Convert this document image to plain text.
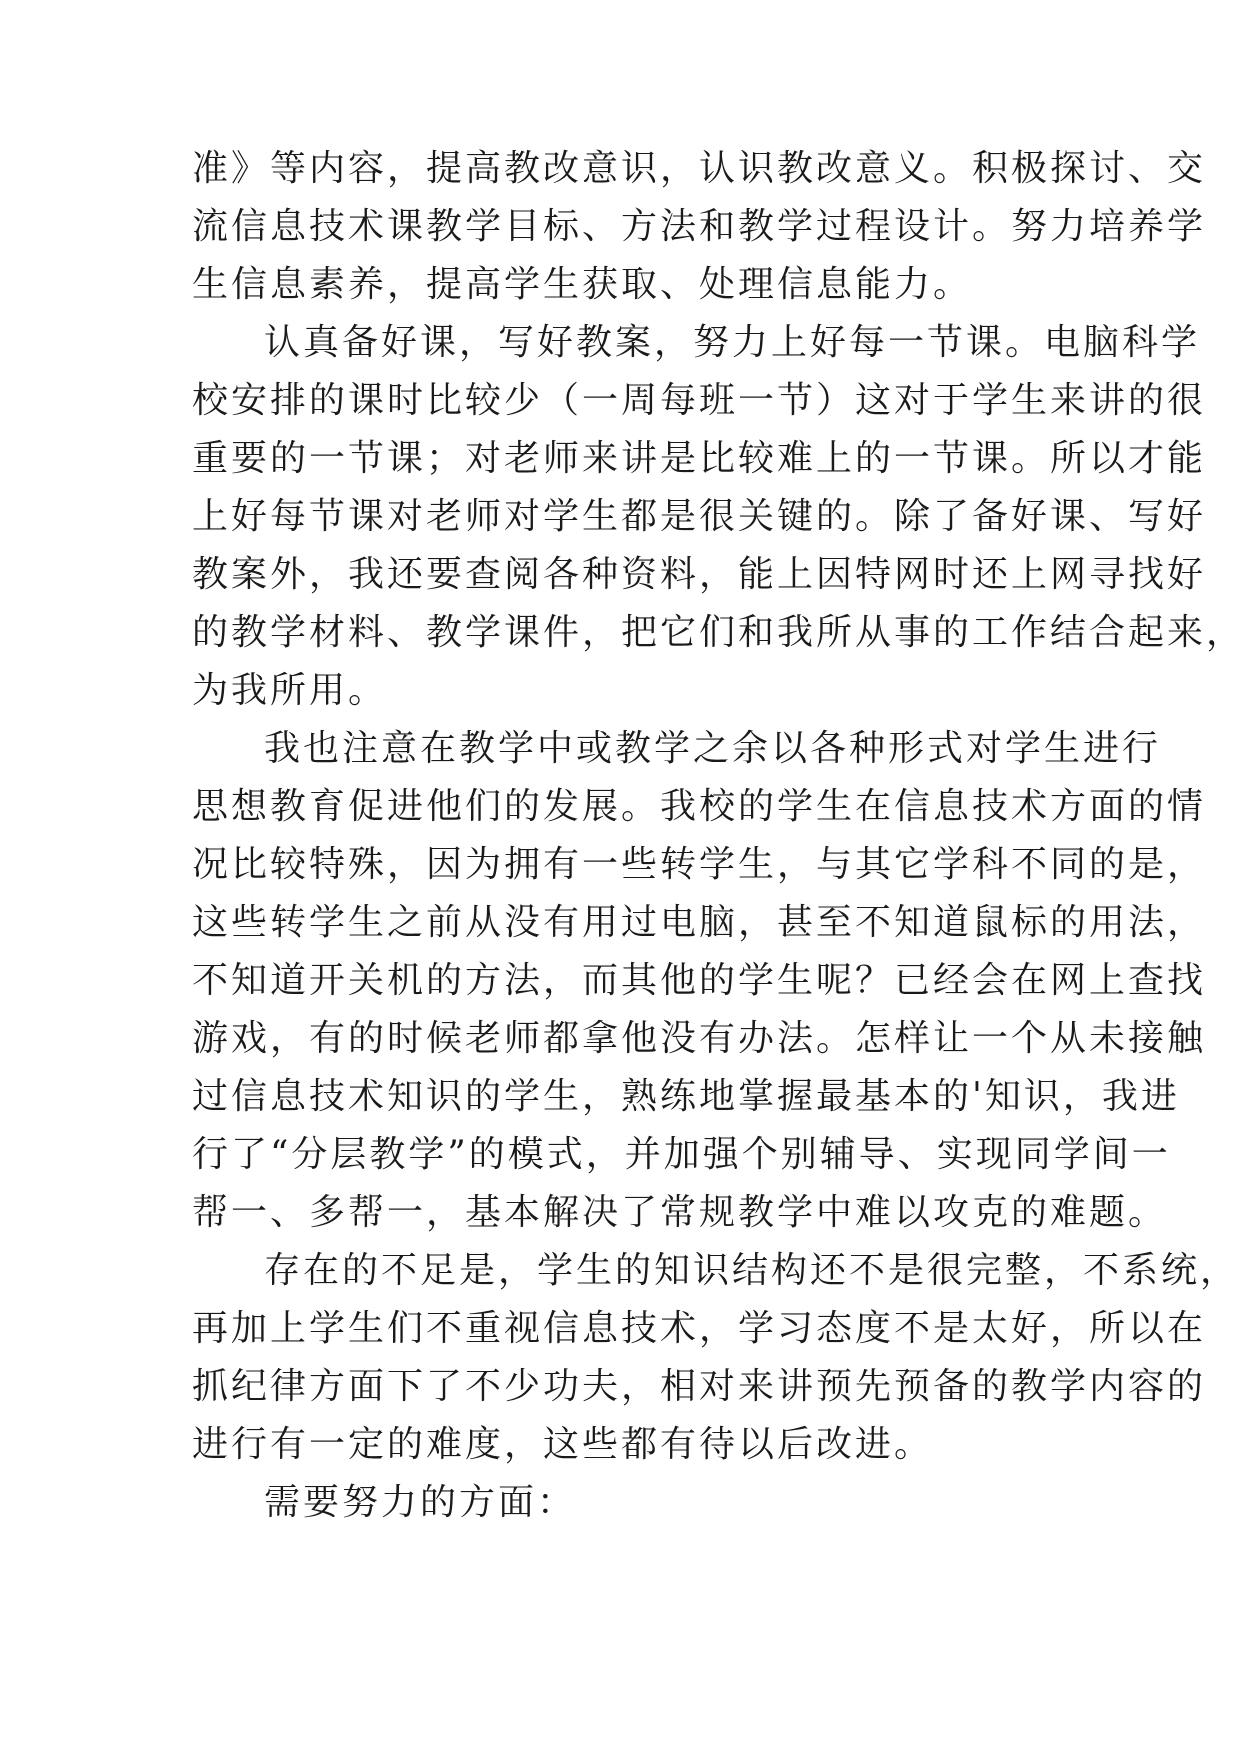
准》等内容，提高教改意识，认识教改意义。积极探讨、交
流信息技术课教学目标、方法和教学过程设计。努力培养学
生信息素养，提高学生获取、处理信息能力。
认真备好课，写好教案，努力上好每一节课。电脑科学
校安排的课时比较少（一周每班一节）这对于学生来讲的很
重要的一节课；对老师来讲是比较难上的一节课。所以才能
上好每节课对老师对学生都是很关键的。除了备好课、写好
教案外，我还要查阅各种资料，能上因特网时还上网寻找好
的教学材料、教学课件，把它们和我所从事的工作结合起来，
为我所用。
我也注意在教学中或教学之余以各种形式对学生进行
思想教育促进他们的发展。我校的学生在信息技术方面的情
况比较特殊，因为拥有一些转学生，与其它学科不同的是，
这些转学生之前从没有用过电脑，甚至不知道鼠标的用法，
不知道开关机的方法，而其他的学生呢？已经会在网上查找
游戏，有的时候老师都拿他没有办法。怎样让一个从未接触
过信息技术知识的学生，熟练地掌握最基本的'知识，我进
行了“分层教学”的模式，并加强个别辅导、实现同学间一
帮一、多帮一，基本解决了常规教学中难以攻克的难题。
存在的不足是，学生的知识结构还不是很完整，不系统，
再加上学生们不重视信息技术，学习态度不是太好，所以在
抓纪律方面下了不少功夫，相对来讲预先预备的教学内容的
进行有一定的难度，这些都有待以后改进。
需要努力的方面：
